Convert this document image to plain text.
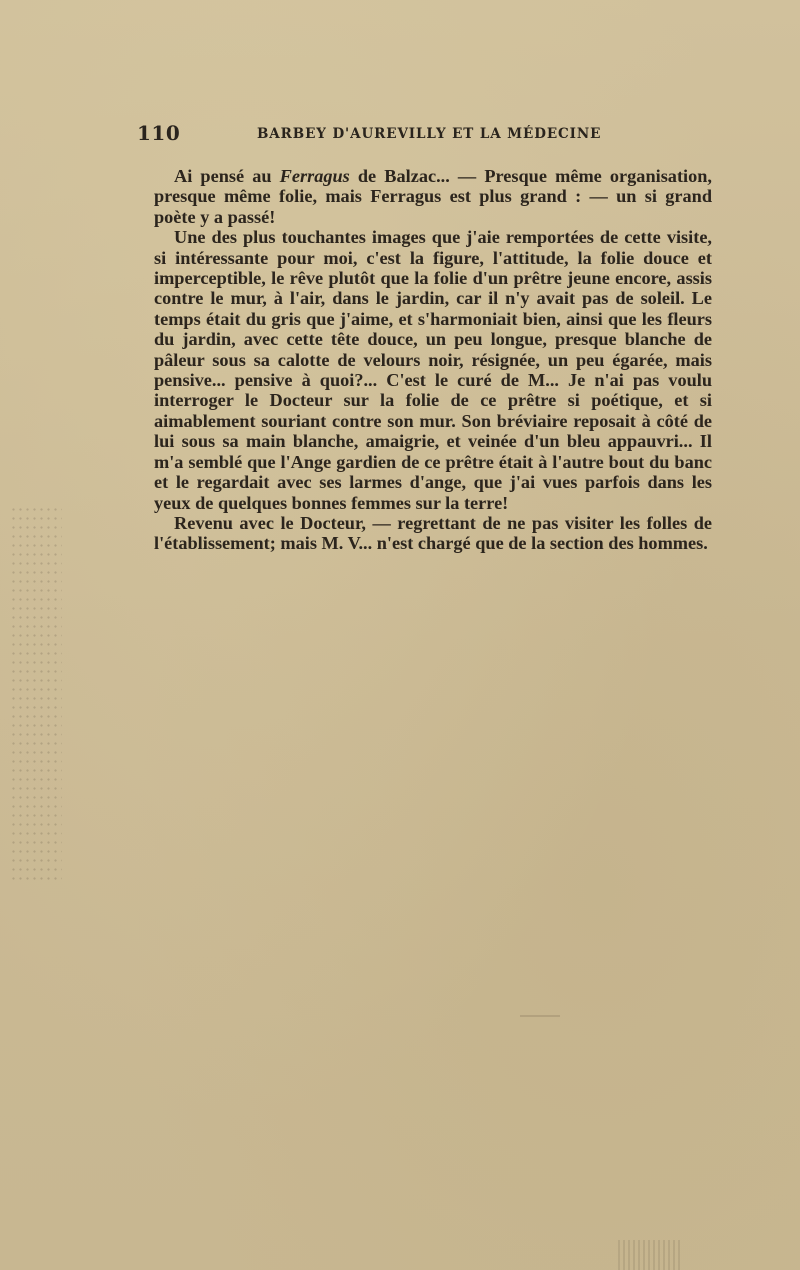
110	BARBEY D'AUREVILLY ET LA MÉDECINE

Ai pensé au Ferragus de Balzac... — Presque même organisation, presque même folie, mais Ferragus est plus grand : — un si grand poète y a passé!

Une des plus touchantes images que j'aie remportées de cette visite, si intéressante pour moi, c'est la figure, l'attitude, la folie douce et imperceptible, le rêve plutôt que la folie d'un prêtre jeune encore, assis contre le mur, à l'air, dans le jardin, car il n'y avait pas de soleil. Le temps était du gris que j'aime, et s'harmoniait bien, ainsi que les fleurs du jardin, avec cette tête douce, un peu longue, presque blanche de pâleur sous sa calotte de velours noir, résignée, un peu égarée, mais pensive... pensive à quoi?... C'est le curé de M... Je n'ai pas voulu interroger le Docteur sur la folie de ce prêtre si poétique, et si aimablement souriant contre son mur. Son bréviaire reposait à côté de lui sous sa main blanche, amaigrie, et veinée d'un bleu appauvri... Il m'a semblé que l'Ange gardien de ce prêtre était à l'autre bout du banc et le regardait avec ses larmes d'ange, que j'ai vues parfois dans les yeux de quelques bonnes femmes sur la terre!

Revenu avec le Docteur, — regrettant de ne pas visiter les folles de l'établissement; mais M. V... n'est chargé que de la section des hommes.
